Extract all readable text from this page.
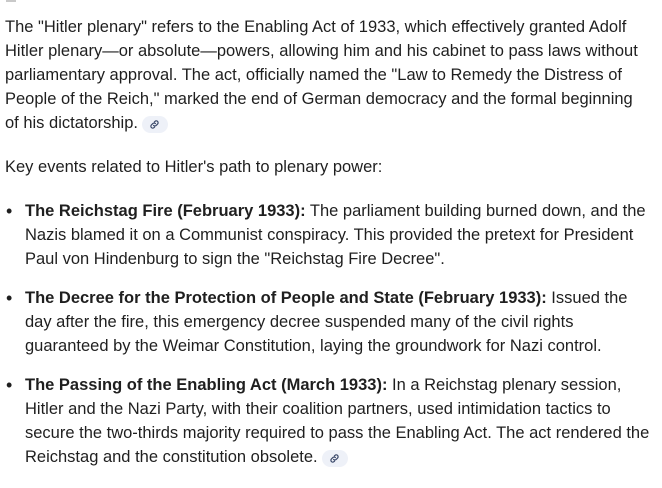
The "Hitler plenary" refers to the Enabling Act of 1933, which effectively granted Adolf Hitler plenary—or absolute—powers, allowing him and his cabinet to pass laws without parliamentary approval. The act, officially named the "Law to Remedy the Distress of People of the Reich," marked the end of German democracy and the formal beginning of his dictatorship.

Key events related to Hitler's path to plenary power:

The Reichstag Fire (February 1933): The parliament building burned down, and the Nazis blamed it on a Communist conspiracy. This provided the pretext for President Paul von Hindenburg to sign the "Reichstag Fire Decree".
The Decree for the Protection of People and State (February 1933): Issued the day after the fire, this emergency decree suspended many of the civil rights guaranteed by the Weimar Constitution, laying the groundwork for Nazi control.
The Passing of the Enabling Act (March 1933): In a Reichstag plenary session, Hitler and the Nazi Party, with their coalition partners, used intimidation tactics to secure the two-thirds majority required to pass the Enabling Act. The act rendered the Reichstag and the constitution obsolete.
